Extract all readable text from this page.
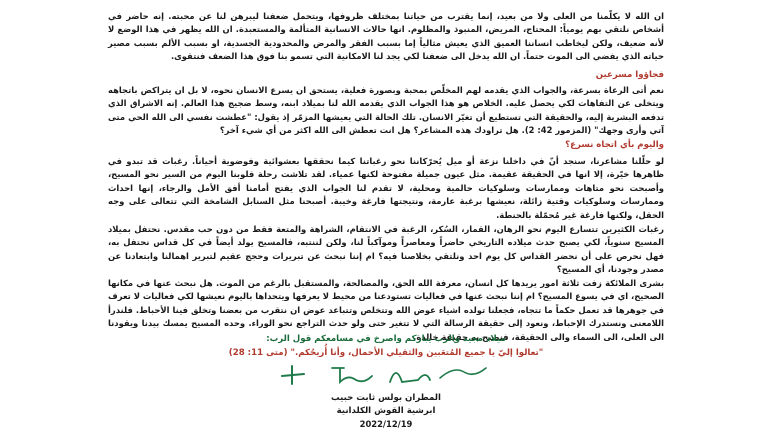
ان الله لا يكلّمنا من العلى ولا من بعيد، إنما يقترب من حياتنا بمختلف ظروفها، ويتحمل ضعفنا ليبرهن لنا عن محبته. إنه حاضر في أشخاص نلتقي بهم يومياً: المحتاج، المريض، المنبوذ والمظلوم. انها حالات الانسانية المتألمة والمستعبدة. ان الله يظهر في هذا الوضع لا لأنه ضعيف، ولكن ليخاطب انساننا العميق الذي يعيش مثالياً إما بسبب الفقر والمرض والمحدودية الجسدية، او بسبب الألم بسبب مصير حياته الذي يفضي الى الموت حتماً. ان الله يدخل الى ضعفنا لكي يجد لنا الامكانية التي تسمو بنا فوق هذا الضعف فنتقوى.

فجاؤوا مسرعين

نعم أتى الرعاة بسرعة، والجواب الذي يقدمه لهم المخلّص بمحبة وبصورة فعلية، يستحق ان يسرع الانسان نحوه، لا بل ان يتراكض باتجاهه ويتخلى عن التفاهات لكي يحصل عليه. الخلاص هو هذا الجواب الذي يقدمه الله لنا بميلاد ابنه، وسط ضجيج هذا العالم. إنه الاشراق الذي تدفعه البشرية إليه، والحقيقة التي تستطيع أن تغيّر الانسان. تلك الحالة التي يعيشها المزمّر إذ يقول: "عطشت نفسي الى الله الحي متى آتي وأرى وجهك" (المزمور 42: 2). هل تراودك هذه المشاعر؟ هل انت تعطش الى الله اكثر من أي شيء آخر؟

واليوم بأي اتجاه نسرع؟

لو حلّلنا مشاعرنا، سنجد أنّ في داخلنا نزعة أو ميل يُحرّكاننا نحو رغباتنا كيما نحققها بعشوائية وفوضوية أحياناً. رغبات قد تبدو في ظاهرها خيّرة، إلا انها في الحقيقة عقيمة. مثل عيون جميلة مفتوحة لكنها عمياء. لقد تلاشت رحلة قلوبنا اليوم من السير نحو المسيح، وأصبحت نحو متاهات وممارسات وسلوكيات حالمية ومحلية، لا تقدم لنا الجواب الذي يفتح أمامنا أفق الأمل والرجاء، إنها احداث وممارسات وسلوكيات وقتية زائلة، نعيشها برغبة عارمة، ونتيجتها فارغة وخيبة. أصبحنا مثل السنابل الشامخة التي تتعالى على وجه الحقل، ولكنها فارغة غير مُحمّلة بالحنطة.

رغبات الكثيرين تتسارع اليوم نحو الرهان، القمار، السُكر، الرغبة في الانتقام، الشراهة والمتعة فقط من دون حب مقدس. نحتفل بميلاد المسيح سنوياً، لكي يصبح حدث ميلاده التاريخي حاضراً ومعاصراً وموآكباً لنا، ولكن لننتبه، فالمسيح يولد أيضاً في كل قداس نحتفل به، فهل نحرص على أن نحضر القداس كل يوم احد ونلتقي بخلاصنا فيه؟ ام إننا نبحث عن تبريرات وحجج عقيم لتبرير اهمالنا وابتعادنا عن مصدر وجودنا، أي المسيح؟

بشرى الملائكة زفت ثلاثة امور يريدها كل انسان، معرفة الله الحق، والمصالحة، والمستقبل بالرغم من الموت. هل نبحث عنها في مكانها الصحيح، اي في يسوع المسيح؟ ام إننا نبحث عنها في فعاليات تستودعنا من محيط لا يعرفها ويتحداها باليوم نعيشها لكي فعاليات لا تعرف في جوهرها قد تعمل حكماً ما تتجاه، فجعلنا تولده اشياء عوض الله وتتخلص وتتباعد عوض ان نتقرب من بعضنا وتخلق فينا الأحباط. فلندرأ اللامعنى ونستدرك الإحباط، ونعود إلى حقيقة الرسالة التي لا تتغير حتى ولو حدث التراجع نحو الوراء. وحده المسيح يمسك بيدنا ويقودنا الى العلى، الى السماء والى الحقيقة، فنصبح به حقيقة خالدة.

ميلاد مجيد والرب يباركم واصرخ في مسامعكم قول الرب:

"تعالوا إليّ يا جميع المُتعَبين والثقيلي الأحمال، وأنا أُريحُكم." (متى 11: 28)

المطران بولس ثابت حبيب

ابرشية القوش الكلدانية

2022/12/19
